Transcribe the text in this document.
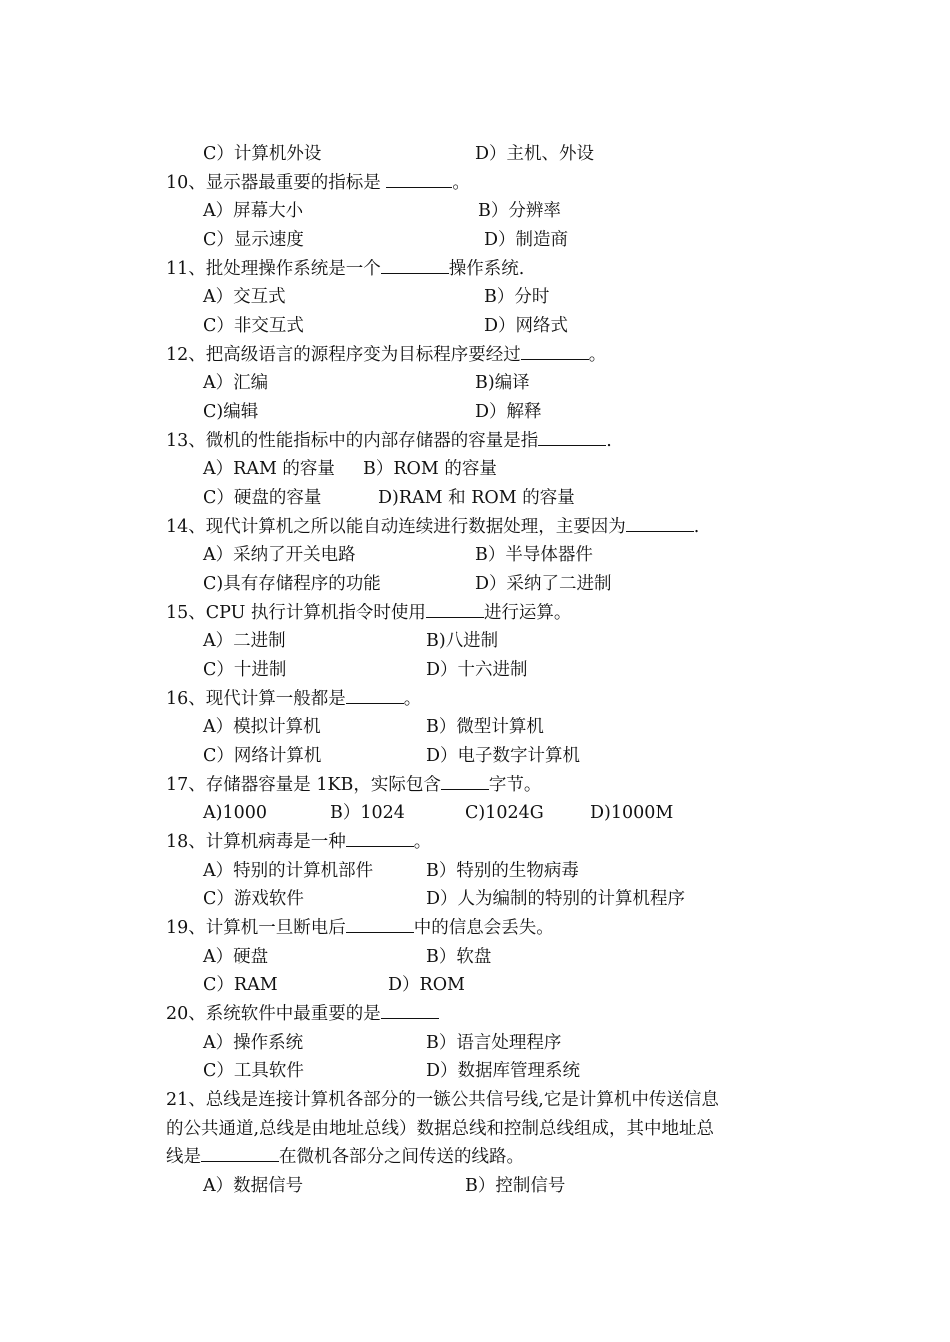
C）计算机外设	D）主机、外设
10、显示器最重要的指标是	。
A）屏幕大小	B）分辨率
C）显示速度	D）制造商
11、批处理操作系统是一个	操作系统.
A）交互式	B）分时
C）非交互式	D）网络式
12、把高级语言的源程序变为目标程序要经过	。
A）汇编	B)编译
C)编辑	D）解释
13、微机的性能指标中的内部存储器的容量是指	.
A）RAM 的容量 B）ROM 的容量
C）硬盘的容量	D)RAM 和 ROM 的容量
14、现代计算机之所以能自动连续进行数据处理，主要因为	.
A）采纳了开关电路	B）半导体器件
C)具有存储程序的功能	D）采纳了二进制
15、CPU 执行计算机指令时使用	进行运算。
A）二进制	B)八进制
C）十进制	D）十六进制
16、现代计算一般都是	。
A）模拟计算机	B）微型计算机
C）网络计算机	D）电子数字计算机
17、存储器容量是 1KB，实际包含	字节。
A)1000	B）1024	C)1024G	D)1000M
18、计算机病毒是一种	。
A）特别的计算机部件	B）特别的生物病毒
C）游戏软件	D）人为编制的特别的计算机程序
19、计算机一旦断电后	中的信息会丢失。
A）硬盘	B）软盘
C）RAM	D）ROM
20、系统软件中最重要的是
A）操作系统	B）语言处理程序
C）工具软件	D）数据库管理系统
21、总线是连接计算机各部分的一镞公共信号线,它是计算机中传送信息
的公共通道,总线是由地址总线）数据总线和控制总线组成，其中地址总
线是	在微机各部分之间传送的线路。
A）数据信号	B）控制信号
